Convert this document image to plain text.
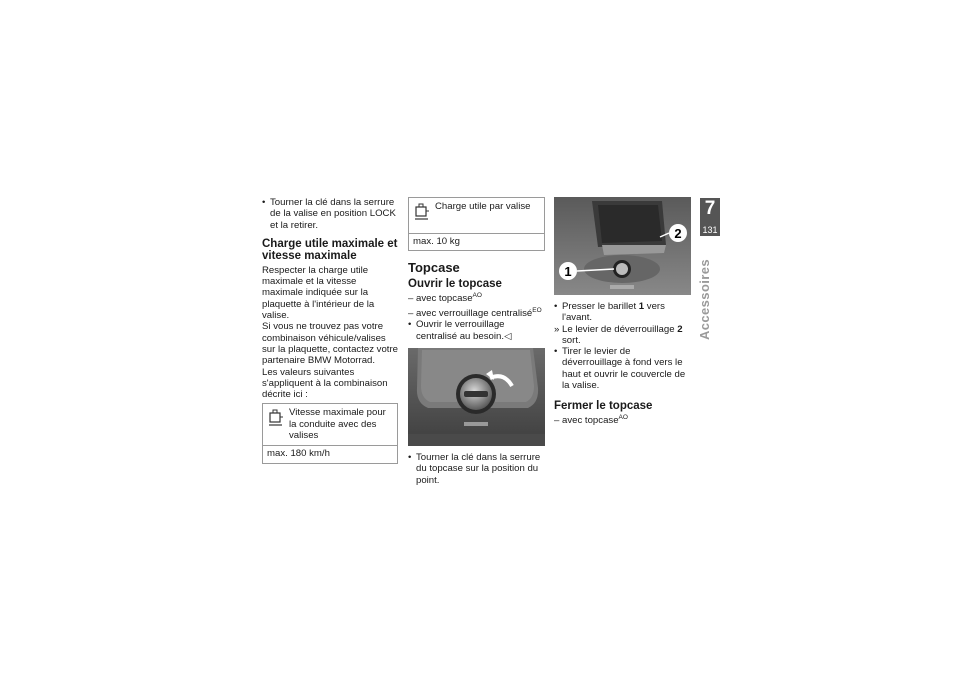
• Tourner la clé dans la serrure de la valise en position LOCK et la retirer.

Charge utile maximale et vitesse maximale

Respecter la charge utile maximale et la vitesse maximale indiquée sur la plaquette à l'intérieur de la valise.

Si vous ne trouvez pas votre combinaison véhicule/valises sur la plaquette, contactez votre partenaire BMW Motorrad.

Les valeurs suivantes s'appliquent à la combinaison décrite ici :

Vitesse maximale pour la conduite avec des valises
max. 180 km/h
Charge utile par valise
max. 10 kg
Topcase
Ouvrir le topcase

– avec topcase$^{AO}$

– avec verrouillage centralisé$^{EO}$

• Ouvrir le verrouillage centralisé au besoin.◁

• Tourner la clé dans la serrure du topcase sur la position du point.

2
1

• Presser le barillet 1 vers l'avant.

» Le levier de déverrouillage 2 sort.

• Tirer le levier de déverrouillage à fond vers le haut et ouvrir le couvercle de la valise.

Fermer le topcase

– avec topcase$^{AO}$

7
131
Accessoires
